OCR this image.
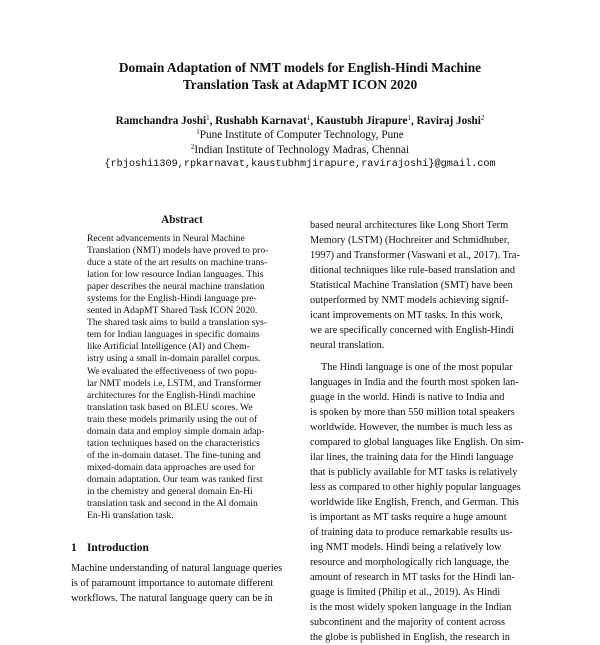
Domain Adaptation of NMT models for English-Hindi Machine
Translation Task at AdapMT ICON 2020
Ramchandra Joshi$^1$, Rushabh Karnavat$^1$, Kaustubh Jirapure$^1$, Raviraj Joshi$^2$
$^1$Pune Institute of Computer Technology, Pune
$^2$Indian Institute of Technology Madras, Chennai
{rbjoshi1309,rpkarnavat,kaustubhmjirapure,ravirajoshi}@gmail.com
Abstract
Recent advancements in Neural Machine
Translation (NMT) models have proved to pro-
duce a state of the art results on machine trans-
lation for low resource Indian languages. This
paper describes the neural machine translation
systems for the English-Hindi language pre-
sented in AdapMT Shared Task ICON 2020.
The shared task aims to build a translation sys-
tem for Indian languages in specific domains
like Artificial Intelligence (AI) and Chem-
istry using a small in-domain parallel corpus.
We evaluated the effectiveness of two popu-
lar NMT models i.e, LSTM, and Transformer
architectures for the English-Hindi machine
translation task based on BLEU scores. We
train these models primarily using the out of
domain data and employ simple domain adap-
tation techniques based on the characteristics
of the in-domain dataset. The fine-tuning and
mixed-domain data approaches are used for
domain adaptation. Our team was ranked first
in the chemistry and general domain En-Hi
translation task and second in the AI domain
En-Hi translation task.
1 Introduction
Machine understanding of natural language queries
is of paramount importance to automate different
workflows. The natural language query can be in
based neural architectures like Long Short Term
Memory (LSTM) (Hochreiter and Schmidhuber,
1997) and Transformer (Vaswani et al., 2017). Tra-
ditional techniques like rule-based translation and
Statistical Machine Translation (SMT) have been
outperformed by NMT models achieving signif-
icant improvements on MT tasks. In this work,
we are specifically concerned with English-Hindi
neural translation.
The Hindi language is one of the most popular
languages in India and the fourth most spoken lan-
guage in the world. Hindi is native to India and
is spoken by more than 550 million total speakers
worldwide. However, the number is much less as
compared to global languages like English. On sim-
ilar lines, the training data for the Hindi language
that is publicly available for MT tasks is relatively
less as compared to other highly popular languages
worldwide like English, French, and German. This
is important as MT tasks require a huge amount
of training data to produce remarkable results us-
ing NMT models. Hindi being a relatively low
resource and morphologically rich language, the
amount of research in MT tasks for the Hindi lan-
guage is limited (Philip et al., 2019). As Hindi
is the most widely spoken language in the Indian
subcontinent and the majority of content across
the globe is published in English, the research in
